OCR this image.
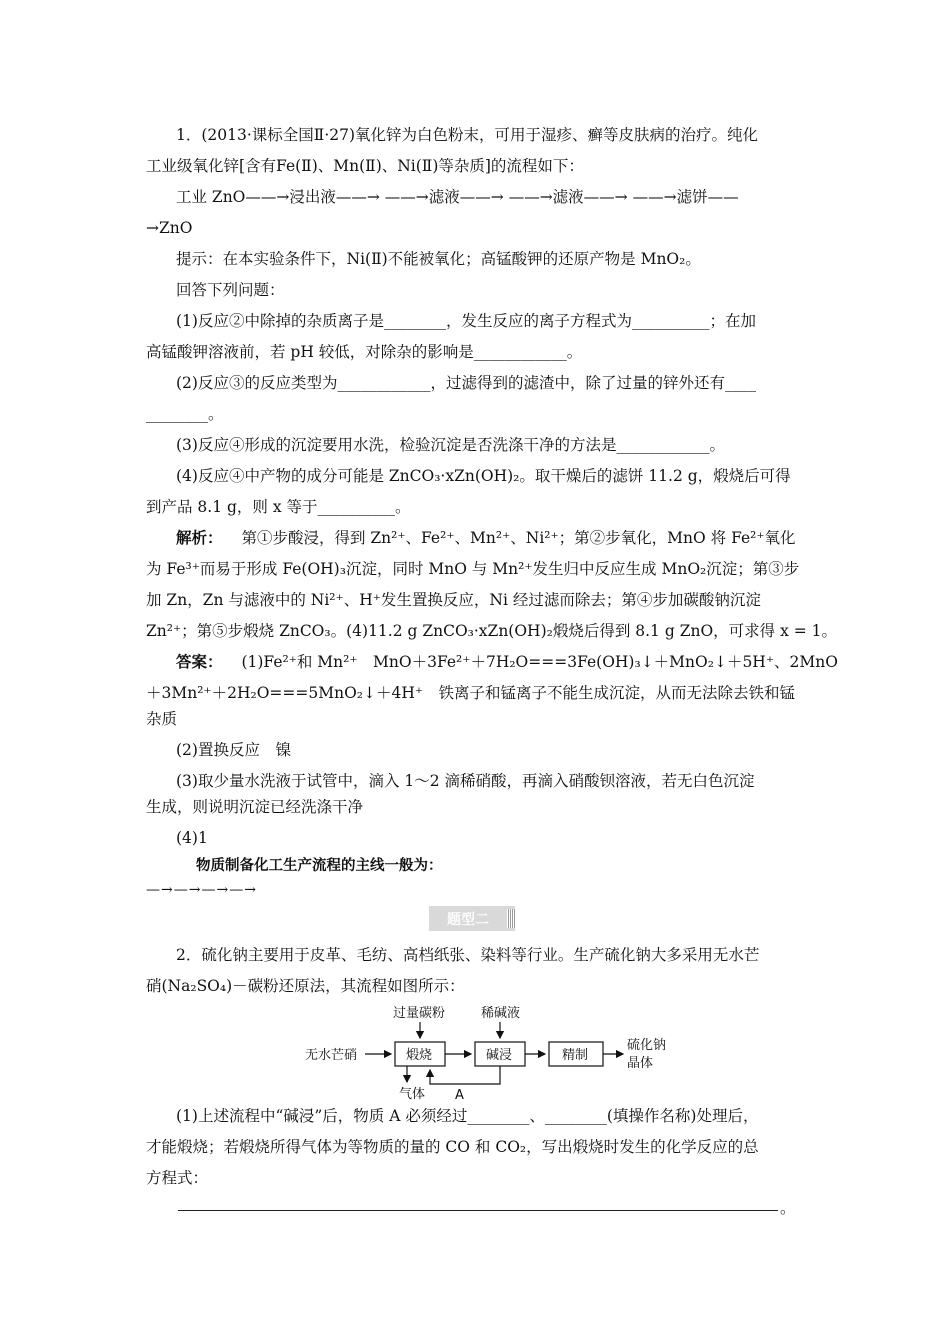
1．(2013·课标全国Ⅱ·27)氧化锌为白色粉末，可用于湿疹、癣等皮肤病的治疗。纯化
工业级氧化锌[含有Fe(Ⅱ)、Mn(Ⅱ)、Ni(Ⅱ)等杂质]的流程如下：
工业 ZnO——→浸出液——→ ——→滤液——→ ——→滤液——→ ——→滤饼——
→ZnO
提示：在本实验条件下，Ni(Ⅱ)不能被氧化；高锰酸钾的还原产物是 MnO₂。
回答下列问题：
(1)反应②中除掉的杂质离子是________，发生反应的离子方程式为__________；在加
高锰酸钾溶液前，若 pH 较低，对除杂的影响是____________。
(2)反应③的反应类型为____________，过滤得到的滤渣中，除了过量的锌外还有____
________。
(3)反应④形成的沉淀要用水洗，检验沉淀是否洗涤干净的方法是____________。
(4)反应④中产物的成分可能是 ZnCO₃·xZn(OH)₂。取干燥后的滤饼 11.2 g，煅烧后可得
到产品 8.1 g，则 x 等于__________。
解析： 第①步酸浸，得到 Zn²⁺、Fe²⁺、Mn²⁺、Ni²⁺；第②步氧化，MnO 将 Fe²⁺氧化
为 Fe³⁺而易于形成 Fe(OH)₃沉淀，同时 MnO 与 Mn²⁺发生归中反应生成 MnO₂沉淀；第③步
加 Zn，Zn 与滤液中的 Ni²⁺、H⁺发生置换反应，Ni 经过滤而除去；第④步加碳酸钠沉淀
Zn²⁺；第⑤步煅烧 ZnCO₃。(4)11.2 g ZnCO₃·xZn(OH)₂煅烧后得到 8.1 g ZnO，可求得 x = 1。
答案： (1)Fe²⁺和 Mn²⁺　MnO＋3Fe²⁺＋7H₂O===3Fe(OH)₃↓＋MnO₂↓＋5H⁺、2MnO
＋3Mn²⁺＋2H₂O===5MnO₂↓＋4H⁺　铁离子和锰离子不能生成沉淀，从而无法除去铁和锰
杂质
(2)置换反应　镍
(3)取少量水洗液于试管中，滴入 1～2 滴稀硝酸，再滴入硝酸钡溶液，若无白色沉淀
生成，则说明沉淀已经洗涤干净
(4)1
物质制备化工生产流程的主线一般为：
—→—→—→—→
题型二
2．硫化钠主要用于皮革、毛纺、高档纸张、染料等行业。生产硫化钠大多采用无水芒
硝(Na₂SO₄)－碳粉还原法，其流程如图所示：
无水芒硝	煅烧	碱浸	精制
硫化钠
晶体
过量碳粉	稀碱液
气体 A
(1)上述流程中“碱浸”后，物质 A 必须经过________、________(填操作名称)处理后，
才能煅烧；若煅烧所得气体为等物质的量的 CO 和 CO₂，写出煅烧时发生的化学反应的总
方程式：
。
